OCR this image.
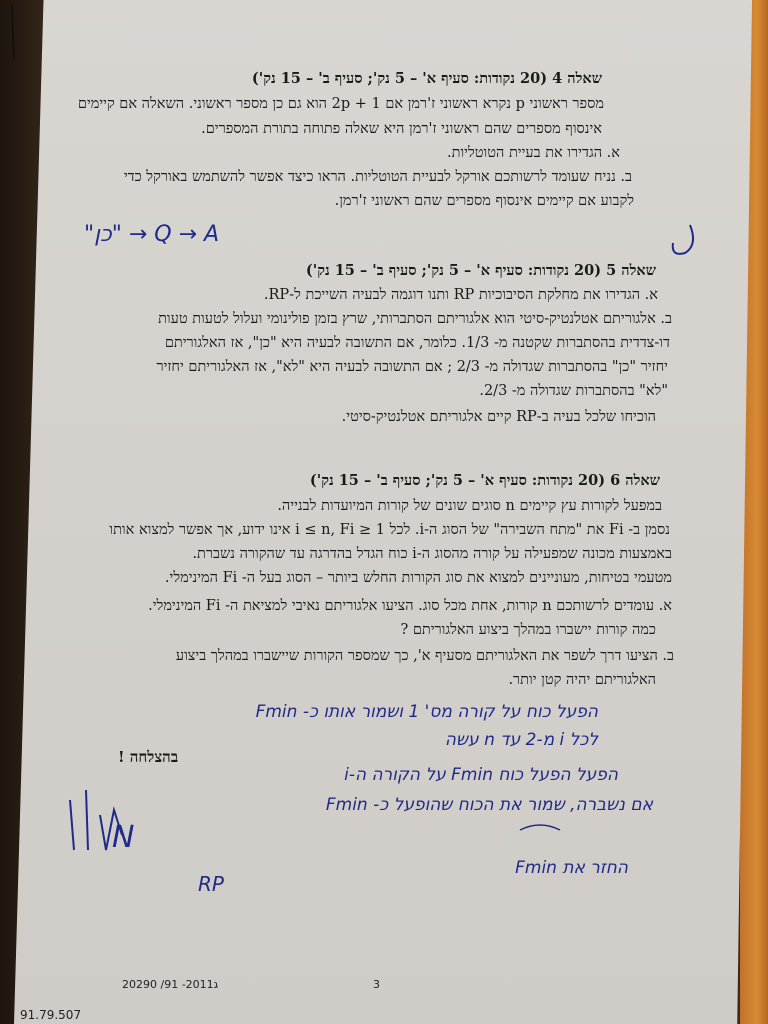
שאלה 4 (20 נקודות: סעיף א' – 5 נק'; סעיף ב' – 15 נק')
מספר ראשוני p נקרא ראשוני ז'רמן אם 2p + 1 הוא גם כן מספר ראשוני. השאלה אם קיימים
אינסוף מספרים שהם ראשוני ז'רמן היא שאלה פתוחה בתורת המספרים.
א. הגדירו את בעיית הטוטליות.
ב. נניח שעומד לרשותכם אורקל לבעיית הטוטליות. הראו כיצד אפשר להשתמש באורקל כדי
לקבוע אם קיימים אינסוף מספרים שהם ראשוני ז'רמן.
Q → A → "כן"
שאלה 5 (20 נקודות: סעיף א' – 5 נק'; סעיף ב' – 15 נק')
א. הגדירו את מחלקת הסיבוכיות RP ותנו דוגמה לבעיה השייכת ל-RP.
ב. אלגוריתם אטלנטיק-סיטי הוא אלגוריתם הסתברותי, שרץ בזמן פולינומי ועלול לטעות טעות
דו-צדדית בהסתברות שקטנה מ- 1/3. כלומר, אם התשובה לבעיה היא "כן", אז האלגוריתם
יחזיר "כן" בהסתברות שגדולה מ- 2/3 ; אם התשובה לבעיה היא "לא", אז האלגוריתם יחזיר
"לא" בהסתברות שגדולה מ- 2/3.
הוכיחו שלכל בעיה ב-RP קיים אלגוריתם אטלנטיק-סיטי.
שאלה 6 (20 נקודות: סעיף א' – 5 נק'; סעיף ב' – 15 נק')
במפעל לקורות עץ קיימים n סוגים שונים של קורות המיועדות לבנייה.
נסמן ב- Fi את "מתח השבירה" של הסוג ה-i. לכל 1 ≤ i ≤ n, Fi אינו ידוע, אך אפשר למצוא אותו
באמצעות מכונה שמפעילה על קורה מהסוג ה-i כוח הגדל בהדרגה עד שהקורה נשברת.
מטעמי בטיחות, מעוניינים למצוא את סוג הקורות החלש ביותר – הסוג בעל ה- Fi המינימלי.
א. עומדים לרשותכם n קורות, אחת מכל סוג. הציעו אלגוריתם נאיבי למציאת ה- Fi המינימלי.
כמה קורות יישברו במהלך ביצוע האלגוריתם ?
ב. הציעו דרך לשפר את האלגוריתם מסעיף א', כך שמספר הקורות שיישברו במהלך ביצוע
האלגוריתם יהיה קטן יותר.
הפעל כוח על קורה מס' 1 ושמור אותו כ- Fmin
לכל i מ-2 עד n עשה
הפעל הפעל כוח Fmin על הקורה ה-i
אם נשברה, שמור את הכוח שהופעל כ- Fmin
החזר את Fmin
RP
N
בהצלחה !
20290 /91 -2011ג	3
91.79.507
